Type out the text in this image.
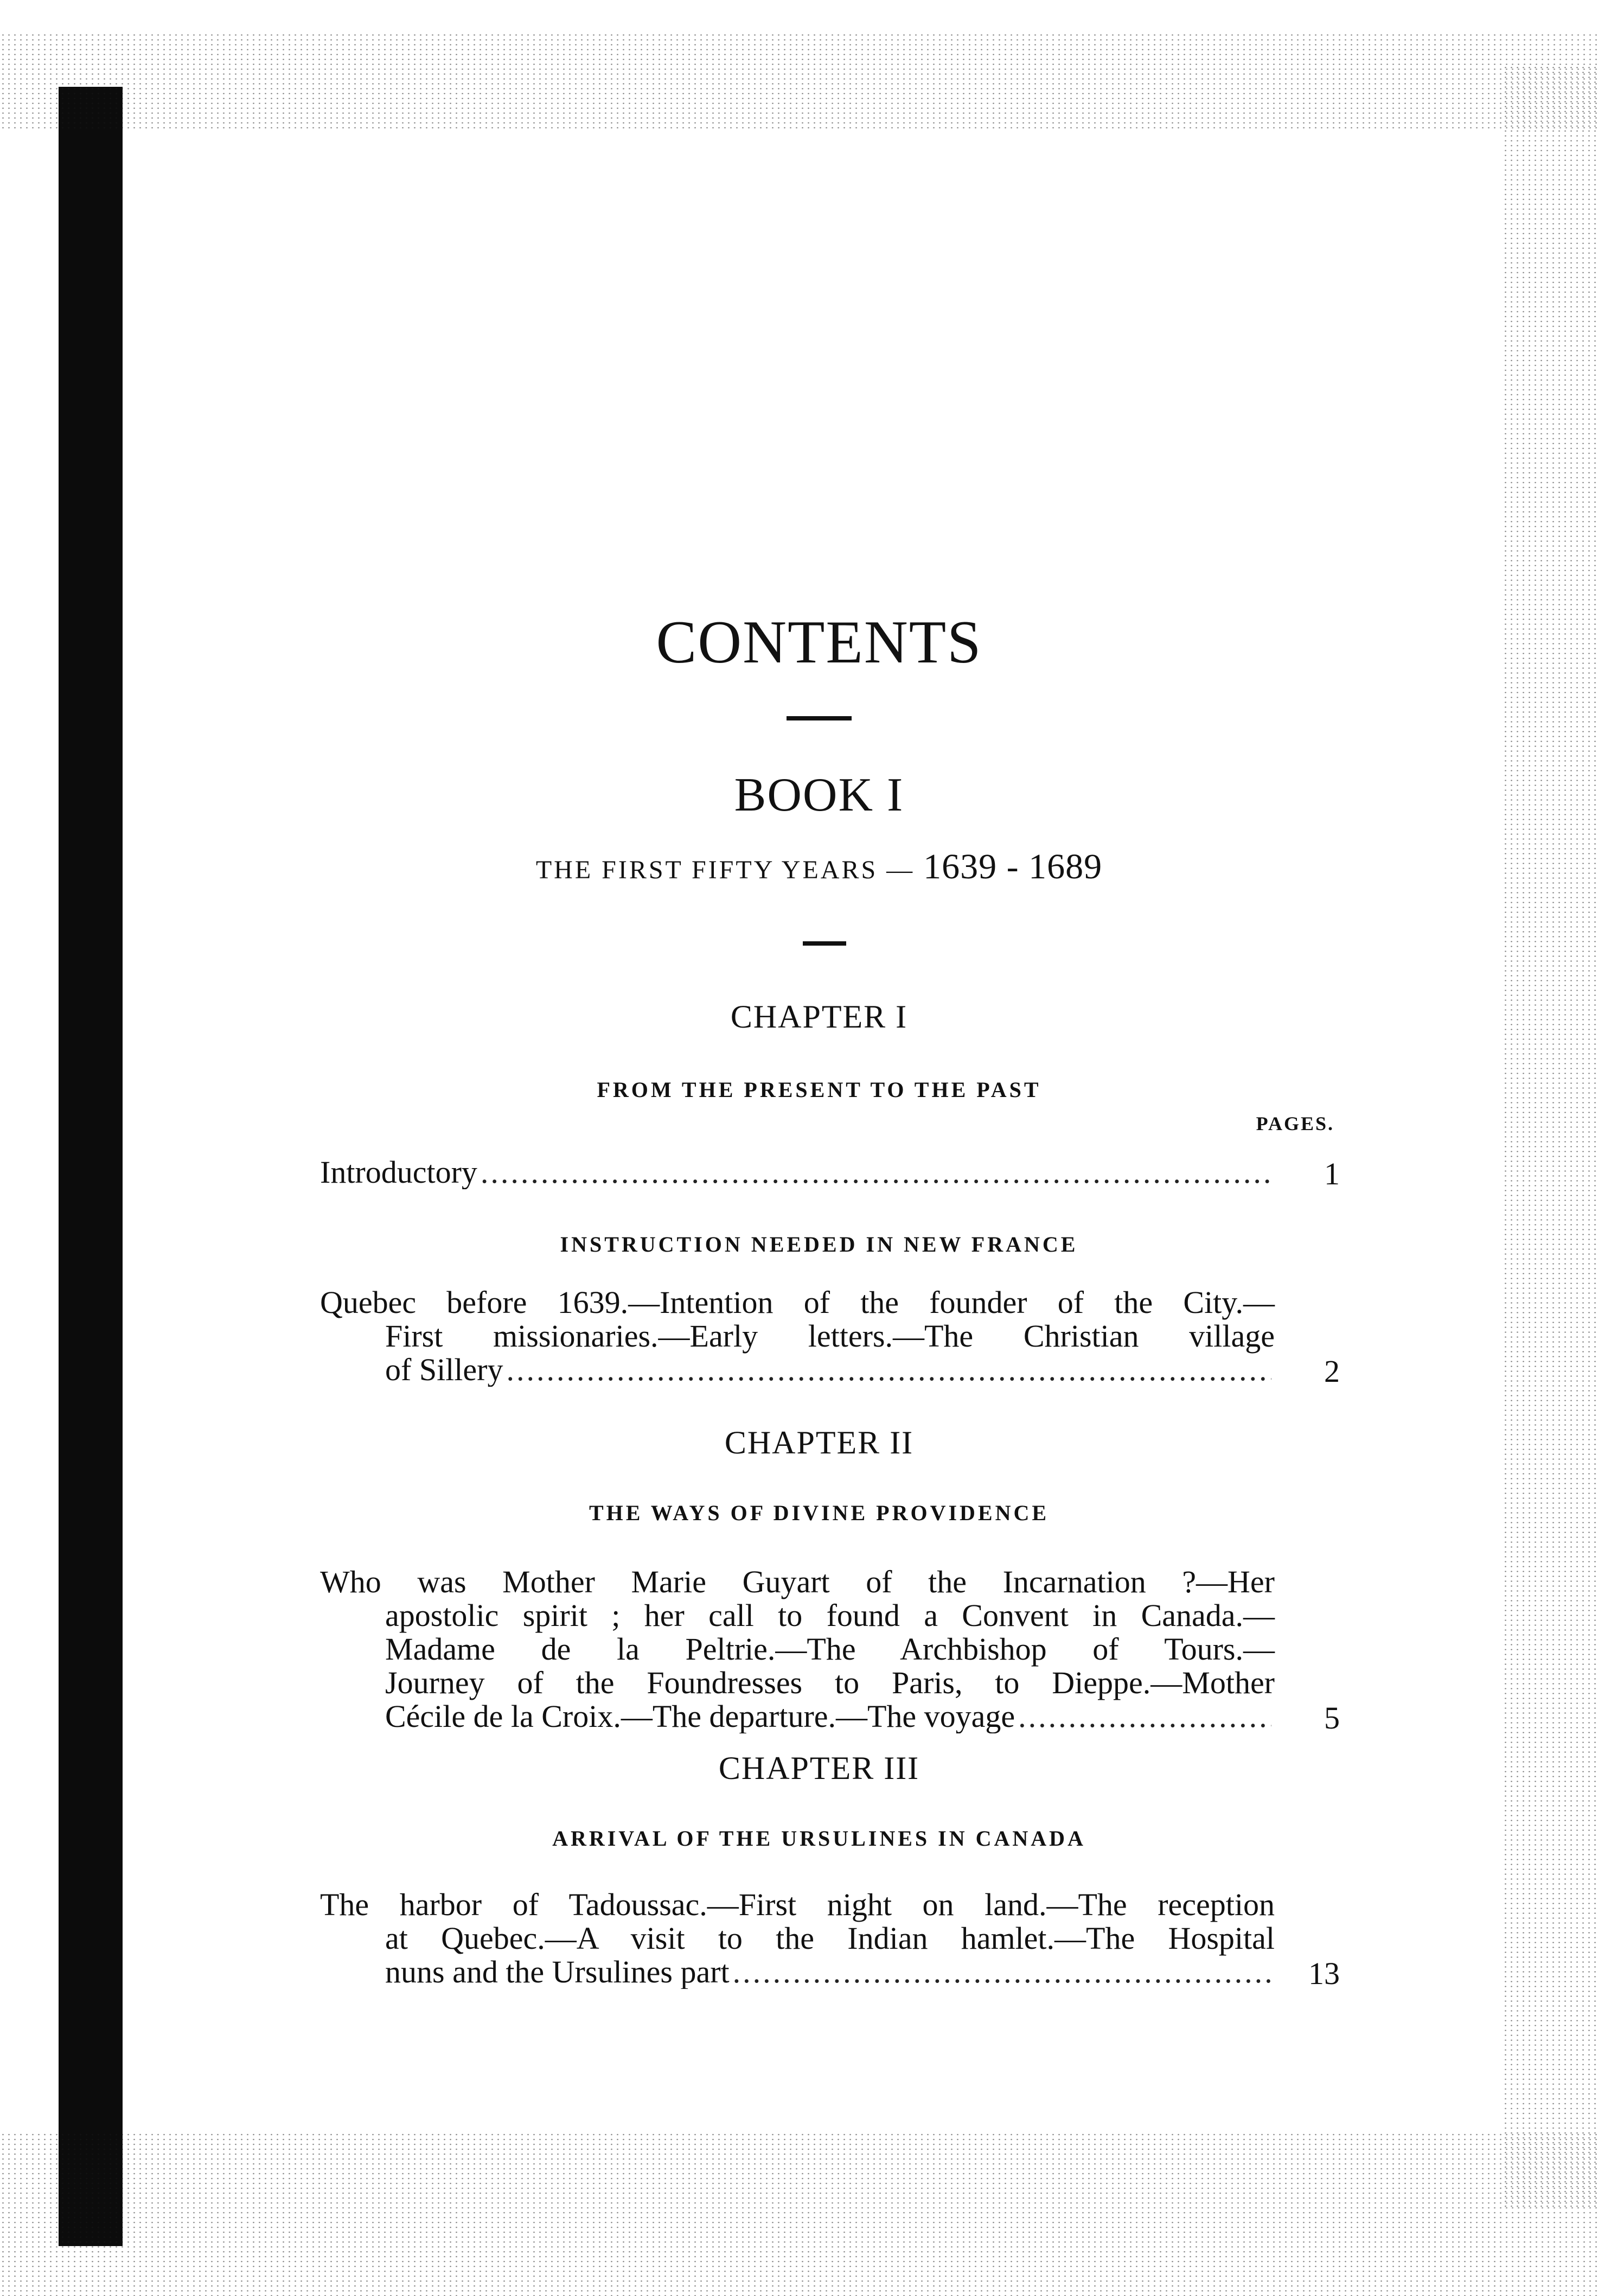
CONTENTS
BOOK I
THE FIRST FIFTY YEARS — 1639 - 1689
CHAPTER I
FROM THE PRESENT TO THE PAST
PAGES.
Introductory .....	1
INSTRUCTION NEEDED IN NEW FRANCE
Quebec before 1639.—Intention of the founder of the City.—
First missionaries.—Early letters.—The Christian village
of Sillery .....	2
CHAPTER II
THE WAYS OF DIVINE PROVIDENCE
Who was Mother Marie Guyart of the Incarnation ?—Her
apostolic spirit ; her call to found a Convent in Canada.—
Madame de la Peltrie.—The Archbishop of Tours.—
Journey of the Foundresses to Paris, to Dieppe.—Mother
Cécile de la Croix.—The departure.—The voyage .....	5
CHAPTER III
ARRIVAL OF THE URSULINES IN CANADA
The harbor of Tadoussac.—First night on land.—The reception
at Quebec.—A visit to the Indian hamlet.—The Hospital
nuns and the Ursulines part .....	13
